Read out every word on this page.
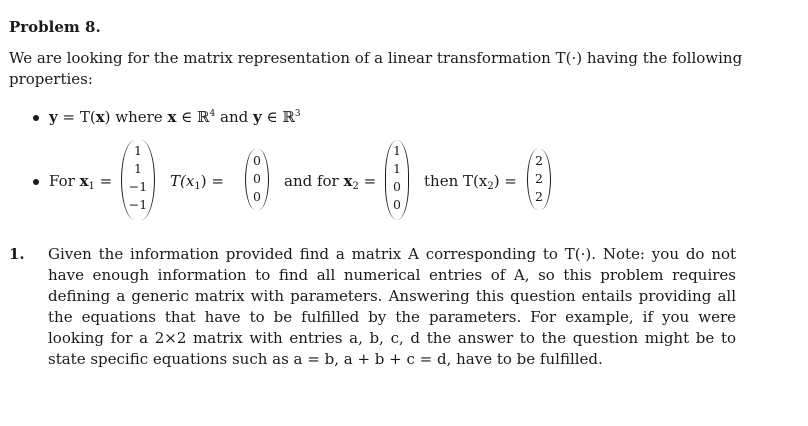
Problem 8.
We are looking for the matrix representation of a linear transformation T(·) having the following properties:
y = T(x) where x ∈ ℝ$^4$ and y ∈ ℝ$^3$
For $x_1$ =
1
1
−1
−1
$T(x_1)$ =
0
0
0
and for $x_2$ =
1
1
0
0
then $T(x_2)$ =
2
2
2
1. Given the information provided find a matrix A corresponding to T(·). Note: you do not have enough information to find all numerical entries of A, so this problem requires defining a generic matrix with parameters. Answering this question entails providing all the equations that have to be fulfilled by the parameters. For example, if you were looking for a 2×2 matrix with entries a, b, c, d the answer to the question might be to state specific equations such as a = b, a + b + c = d, have to be fulfilled.
